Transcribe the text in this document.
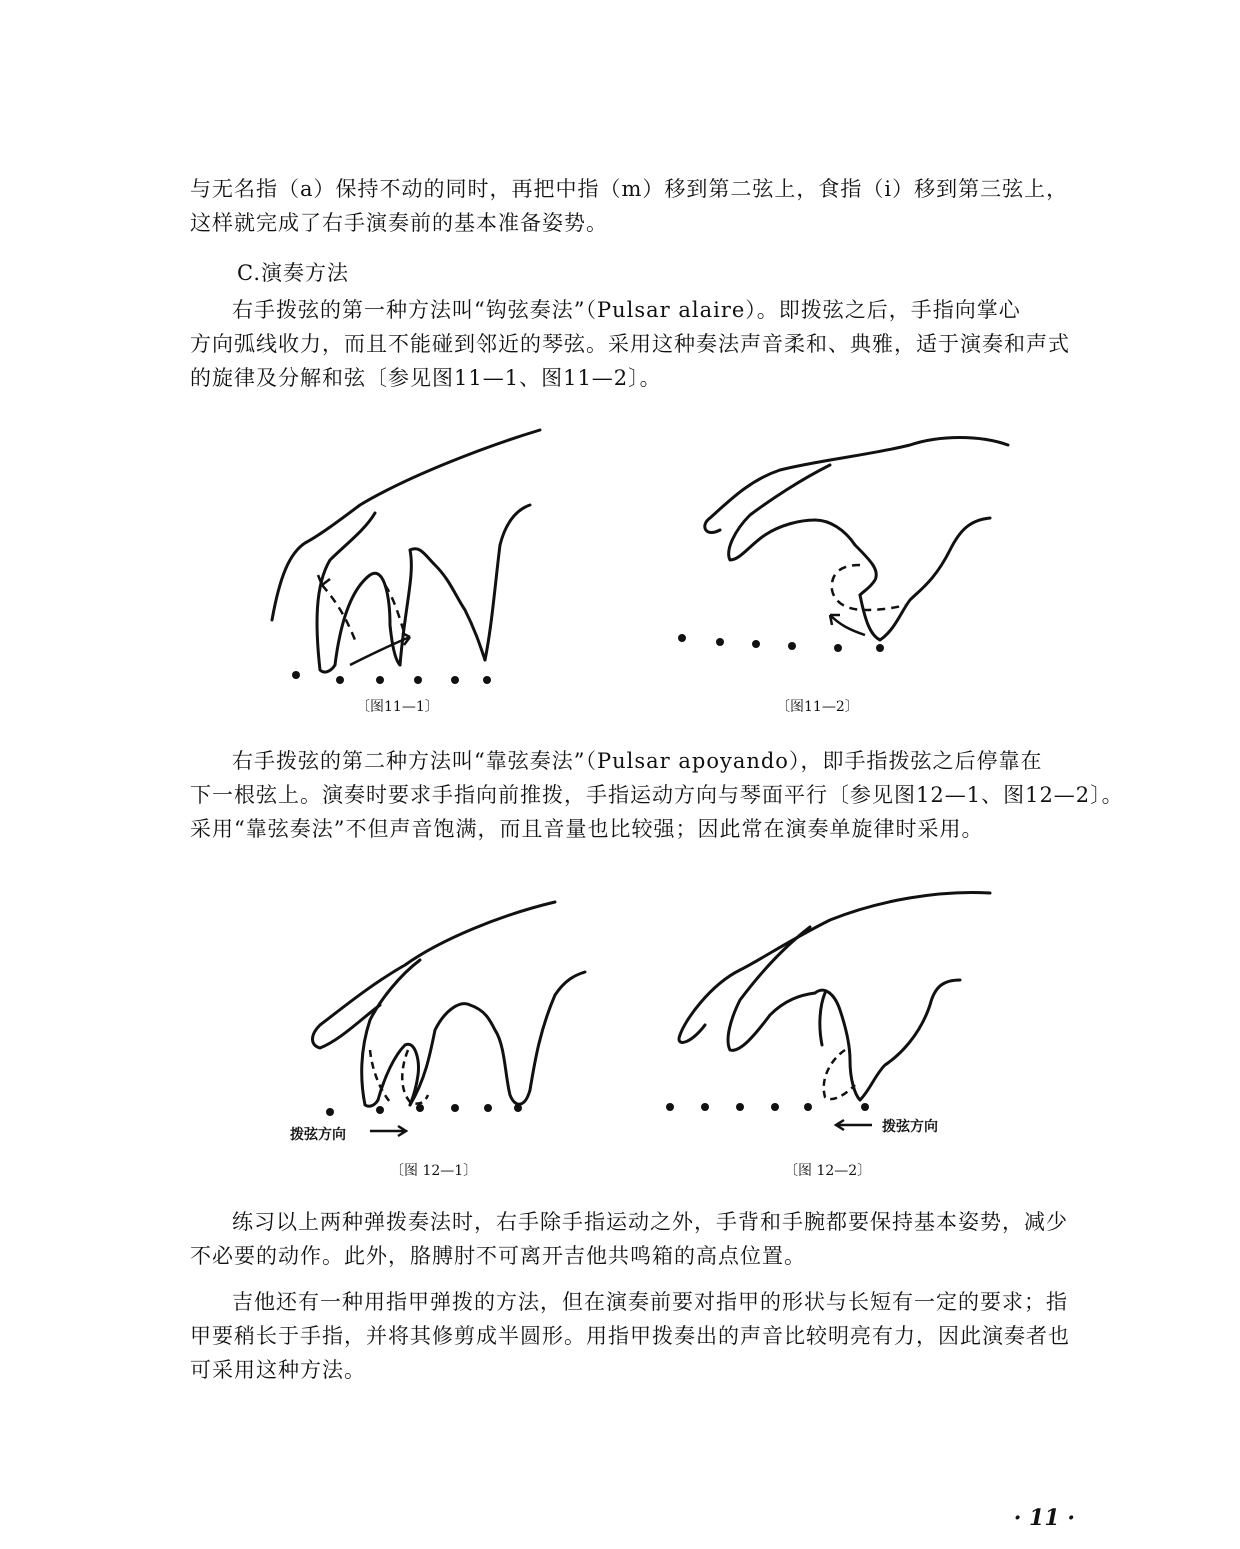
与无名指（a）保持不动的同时，再把中指（m）移到第二弦上，食指（i）移到第三弦上，
这样就完成了右手演奏前的基本准备姿势。
C.演奏方法
右手拨弦的第一种方法叫“钩弦奏法”（Pulsar alaire）。即拨弦之后，手指向掌心
方向弧线收力，而且不能碰到邻近的琴弦。采用这种奏法声音柔和、典雅，适于演奏和声式
的旋律及分解和弦〔参见图11—1、图11—2〕。
〔图11—1〕	〔图11—2〕
右手拨弦的第二种方法叫“靠弦奏法”（Pulsar apoyando），即手指拨弦之后停靠在
下一根弦上。演奏时要求手指向前推拨，手指运动方向与琴面平行〔参见图12—1、图12—2〕。
采用“靠弦奏法”不但声音饱满，而且音量也比较强；因此常在演奏单旋律时采用。
拨弦方向
〔图 12—1〕
拨弦方向
〔图 12—2〕
练习以上两种弹拨奏法时，右手除手指运动之外，手背和手腕都要保持基本姿势，减少
不必要的动作。此外，胳膊肘不可离开吉他共鸣箱的高点位置。
吉他还有一种用指甲弹拨的方法，但在演奏前要对指甲的形状与长短有一定的要求；指
甲要稍长于手指，并将其修剪成半圆形。用指甲拨奏出的声音比较明亮有力，因此演奏者也
可采用这种方法。
· 11 ·
